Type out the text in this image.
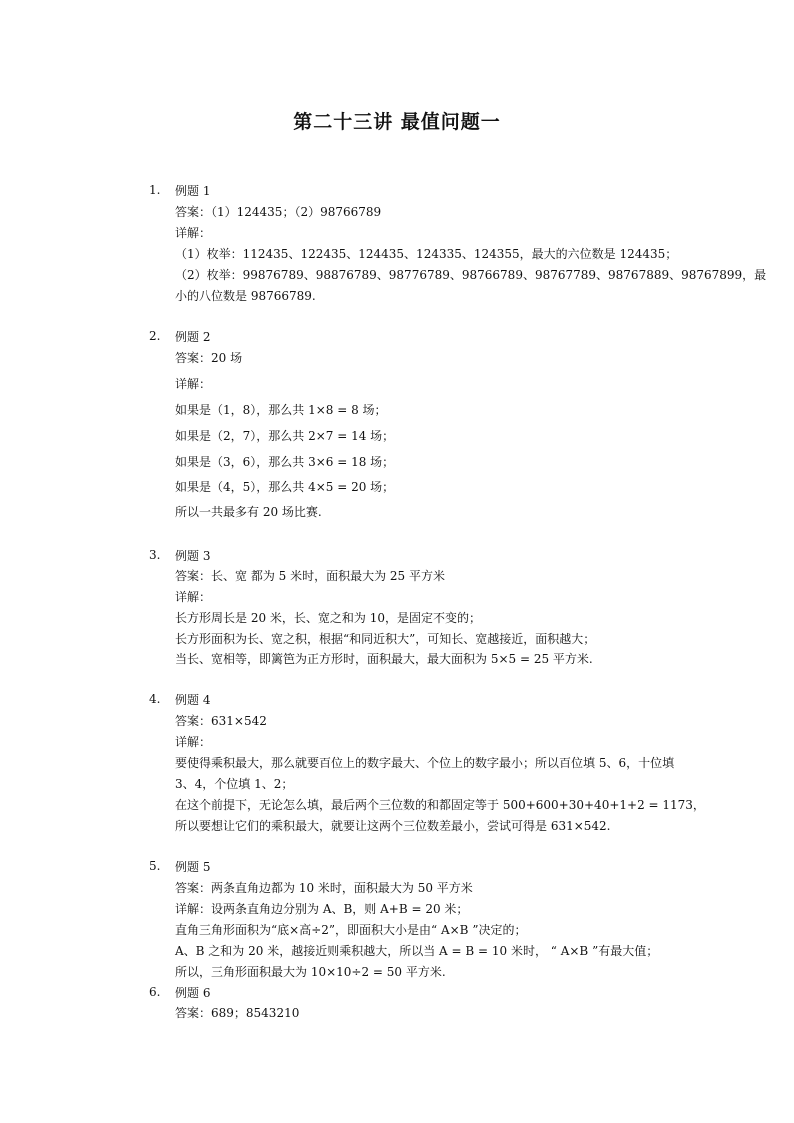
第二十三讲 最值问题一
1. 例题 1
答案：（1）124435；（2）98766789
详解：
（1）枚举：112435、122435、124435、124335、124355，最大的六位数是 124435；
（2）枚举：99876789、98876789、98776789、98766789、98767789、98767889、98767899，最
小的八位数是 98766789.
2. 例题 2
答案：20 场
详解：
如果是（1，8），那么共 1×8 = 8 场；
如果是（2，7），那么共 2×7 = 14 场；
如果是（3，6），那么共 3×6 = 18 场；
如果是（4，5），那么共 4×5 = 20 场；
所以一共最多有 20 场比赛.
3. 例题 3
答案：长、宽 都为 5 米时，面积最大为 25 平方米
详解：
长方形周长是 20 米，长、宽之和为 10，是固定不变的；
长方形面积为长、宽之积，根据“和同近积大”，可知长、宽越接近，面积越大；
当长、宽相等，即篱笆为正方形时，面积最大，最大面积为 5×5 = 25 平方米.
4. 例题 4
答案：631×542
详解：
要使得乘积最大，那么就要百位上的数字最大、个位上的数字最小；所以百位填 5、6，十位填
3、4，个位填 1、2；
在这个前提下，无论怎么填，最后两个三位数的和都固定等于 500+600+30+40+1+2 = 1173，
所以要想让它们的乘积最大，就要让这两个三位数差最小，尝试可得是 631×542.
5. 例题 5
答案：两条直角边都为 10 米时，面积最大为 50 平方米
详解：设两条直角边分别为 A、B，则 A+B = 20 米；
直角三角形面积为“底×高÷2”，即面积大小是由“ A×B ”决定的；
A、B 之和为 20 米，越接近则乘积越大，所以当 A = B = 10 米时， “ A×B ”有最大值；
所以，三角形面积最大为 10×10÷2 = 50 平方米.
6. 例题 6
答案：689；8543210
